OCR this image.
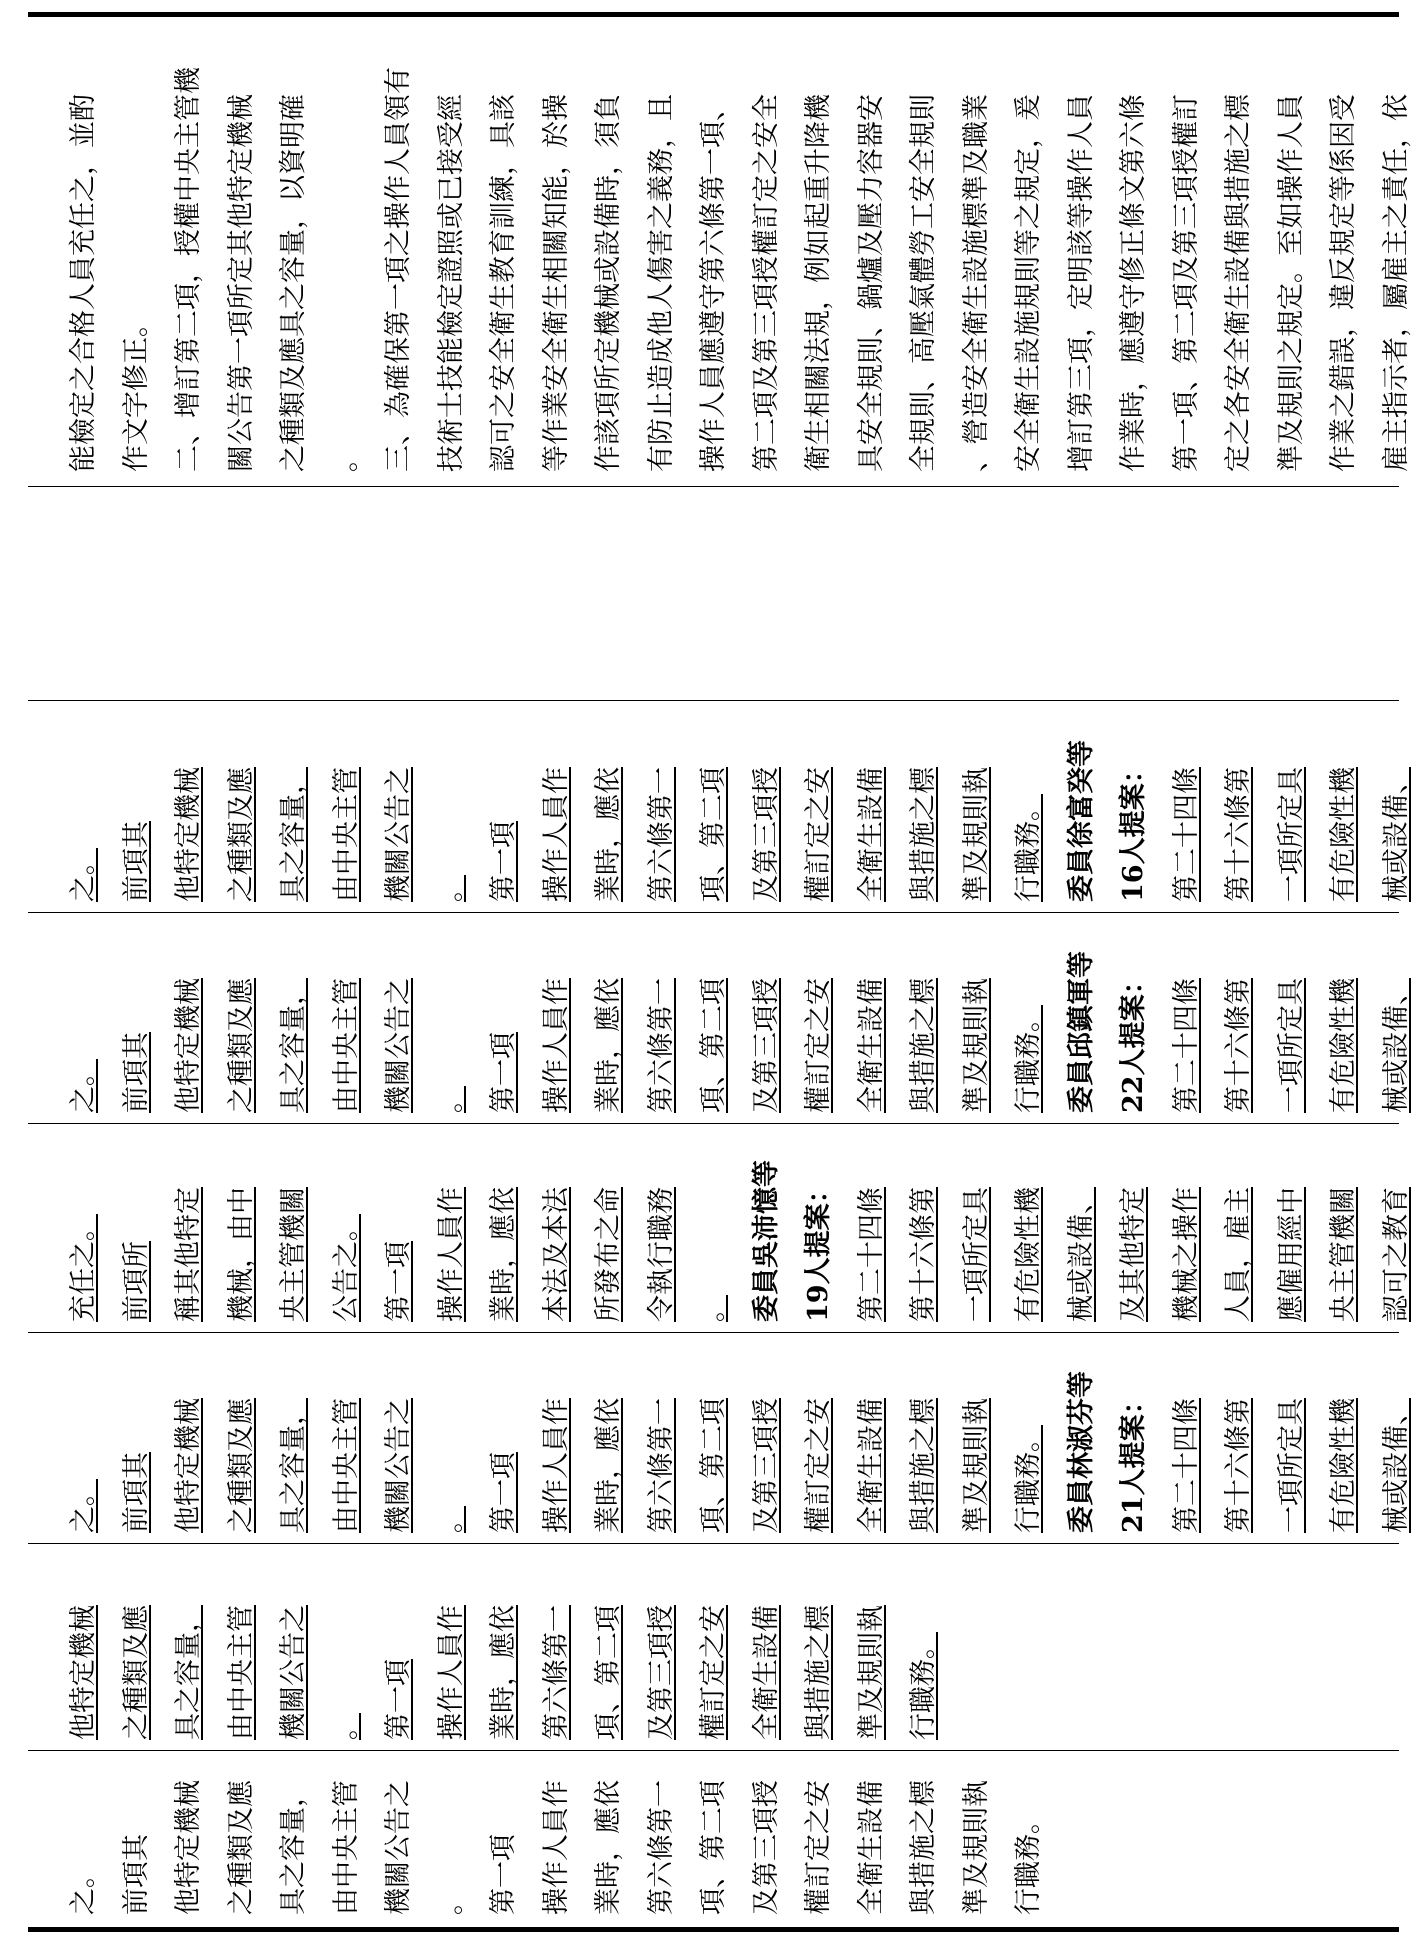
能檢定之合格人員充任之，並酌 作文字修正。 二、增訂第二項，授權中央主管機 關公告第一項所定其他特定機械 之種類及應具之容量，以資明確 。 三、為確保第一項之操作人員領有 技術士技能檢定證照或已接受經 認可之安全衛生教育訓練，具該 等作業安全衛生相關知能，於操 作該項所定機械或設備時，須負 有防止造成他人傷害之義務，且 操作人員應遵守第六條第一項、 第二項及第三項授權訂定之安全 衛生相關法規，例如起重升降機 具安全規則、鍋爐及壓力容器安 全規則、高壓氣體勞工安全規則 、營造安全衛生設施標準及職業 安全衛生設施規則等之規定，爰 增訂第三項，定明該等操作人員 作業時，應遵守修正條文第六條 第一項、第二項及第三項授權訂 定之各安全衛生設備與措施之標 準及規則之規定。至如操作人員 作業之錯誤，違反規定等係因受 雇主指示者，屬雇主之責任，依
之。 前項其 他特定機械 之種類及應 具之容量， 由中央主管 機關公告之 。 第一項 操作人員作 業時，應依 第六條第一 項、第二項 及第三項授 權訂定之安 全衛生設備 與措施之標 準及規則執 行職務。 委員徐富癸等 16人提案： 第二十四條 第十六條第 一項所定具 有危險性機 械或設備、
之。 前項其 他特定機械 之種類及應 具之容量， 由中央主管 機關公告之 。 第一項 操作人員作 業時，應依 第六條第一 項、第二項 及第三項授 權訂定之安 全衛生設備 與措施之標 準及規則執 行職務。 委員邱鎮軍等 22人提案： 第二十四條 第十六條第 一項所定具 有危險性機 械或設備、
充任之。 前項所 稱其他特定 機械，由中 央主管機關 公告之。 第一項 操作人員作 業時，應依 本法及本法 所發布之命 令執行職務 。 委員吳沛憶等 19人提案： 第二十四條 第十六條第 一項所定具 有危險性機 械或設備、 及其他特定 機械之操作 人員，雇主 應僱用經中 央主管機關 認可之教育
之。 前項其 他特定機械 之種類及應 具之容量， 由中央主管 機關公告之 。 第一項 操作人員作 業時，應依 第六條第一 項、第二項 及第三項授 權訂定之安 全衛生設備 與措施之標 準及規則執 行職務。 委員林淑芬等 21人提案： 第二十四條 第十六條第 一項所定具 有危險性機 械或設備、
他特定機械 之種類及應 具之容量， 由中央主管 機關公告之 。 第一項 操作人員作 業時，應依 第六條第一 項、第二項 及第三項授 權訂定之安 全衛生設備 與措施之標 準及規則執 行職務。
之。 前項其 他特定機械 之種類及應 具之容量， 由中央主管 機關公告之 。 第一項 操作人員作 業時，應依 第六條第一 項、第二項 及第三項授 權訂定之安 全衛生設備 與措施之標 準及規則執 行職務。
